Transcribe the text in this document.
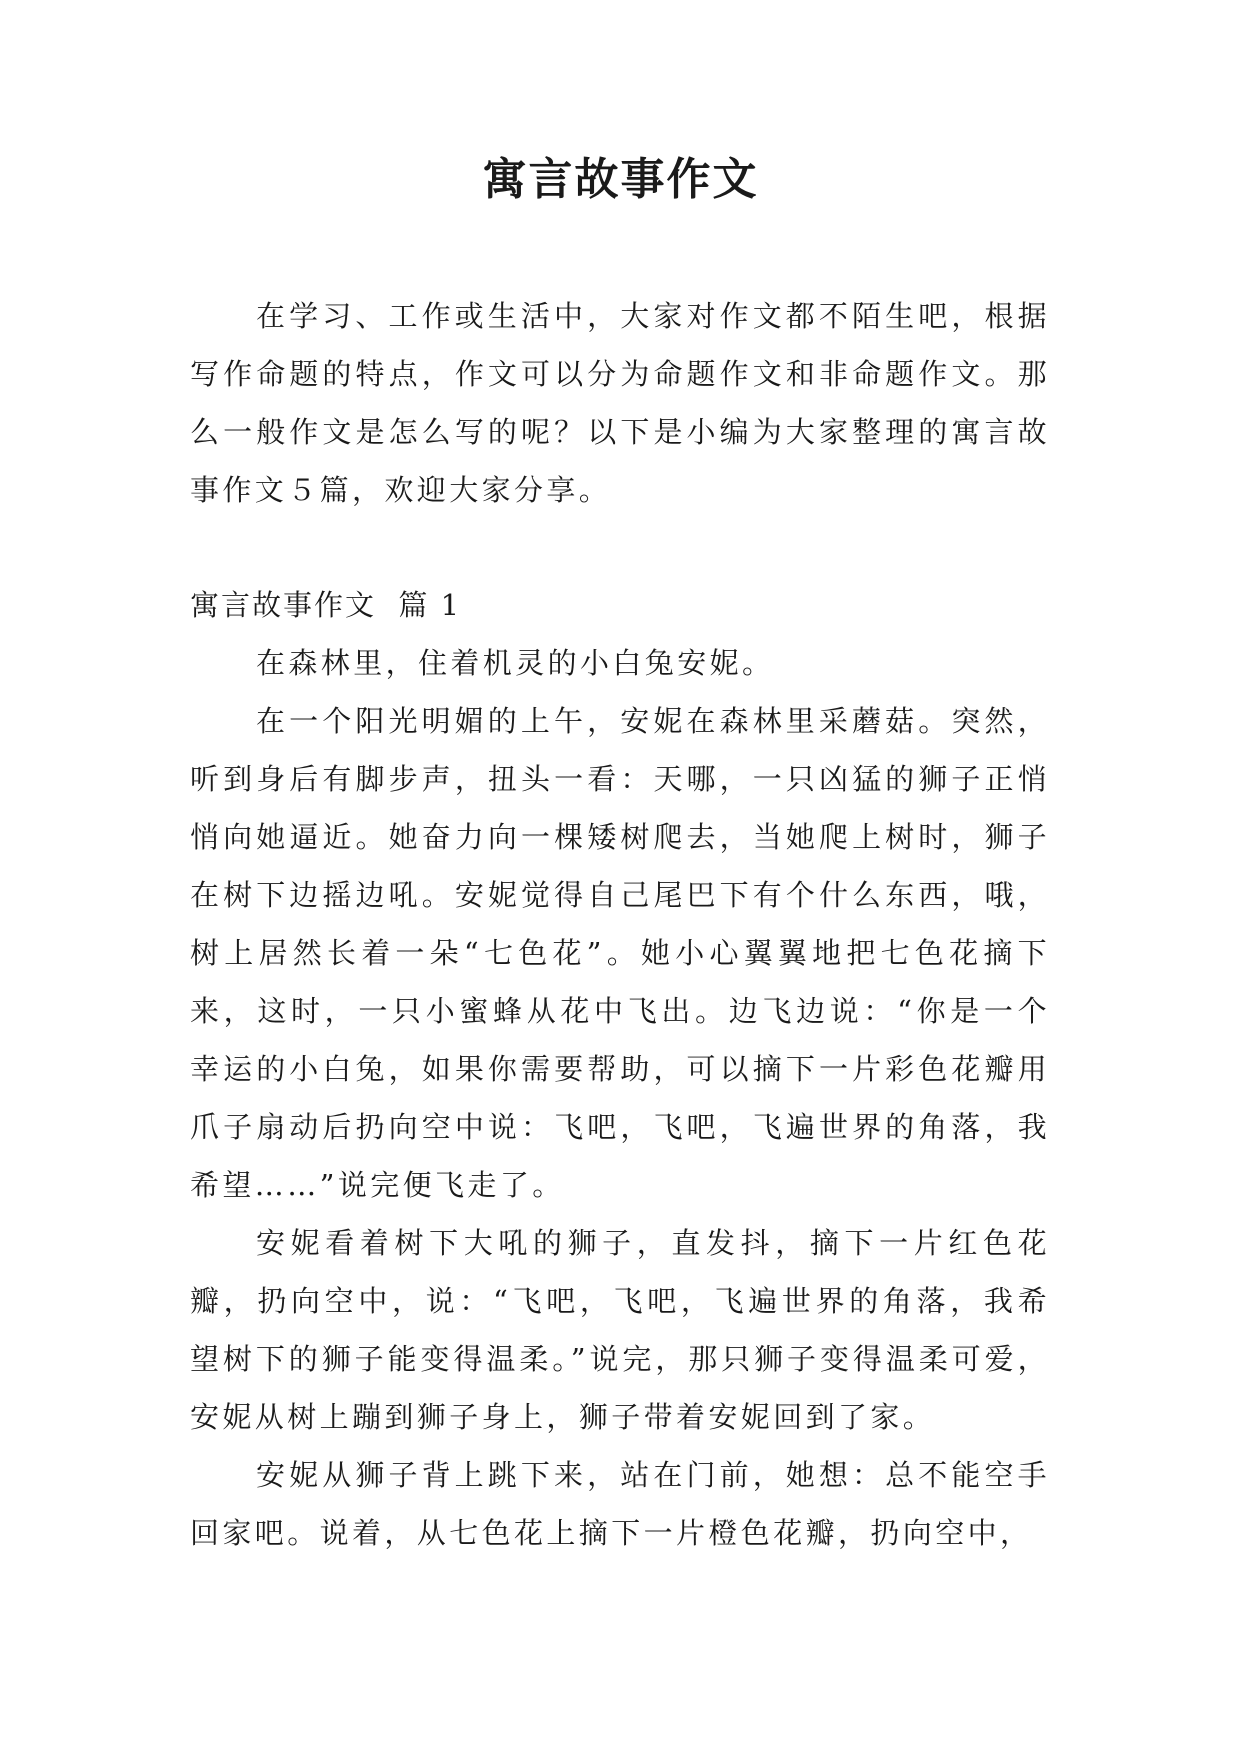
寓言故事作文

在学习、工作或生活中，大家对作文都不陌生吧，根据写作命题的特点，作文可以分为命题作文和非命题作文。那么一般作文是怎么写的呢？以下是小编为大家整理的寓言故事作文５篇，欢迎大家分享。

寓言故事作文  篇 1

在森林里，住着机灵的小白兔安妮。

在一个阳光明媚的上午，安妮在森林里采蘑菇。突然，听到身后有脚步声，扭头一看：天哪，一只凶猛的狮子正悄悄向她逼近。她奋力向一棵矮树爬去，当她爬上树时，狮子在树下边摇边吼。安妮觉得自己尾巴下有个什么东西，哦，树上居然长着一朵“七色花”。她小心翼翼地把七色花摘下来，这时，一只小蜜蜂从花中飞出。边飞边说：“你是一个幸运的小白兔，如果你需要帮助，可以摘下一片彩色花瓣用爪子扇动后扔向空中说：飞吧，飞吧，飞遍世界的角落，我希望……”说完便飞走了。

安妮看着树下大吼的狮子，直发抖，摘下一片红色花瓣，扔向空中，说：“飞吧，飞吧，飞遍世界的角落，我希望树下的狮子能变得温柔。”说完，那只狮子变得温柔可爱，安妮从树上蹦到狮子身上，狮子带着安妮回到了家。

安妮从狮子背上跳下来，站在门前，她想：总不能空手回家吧。说着，从七色花上摘下一片橙色花瓣，扔向空中，
